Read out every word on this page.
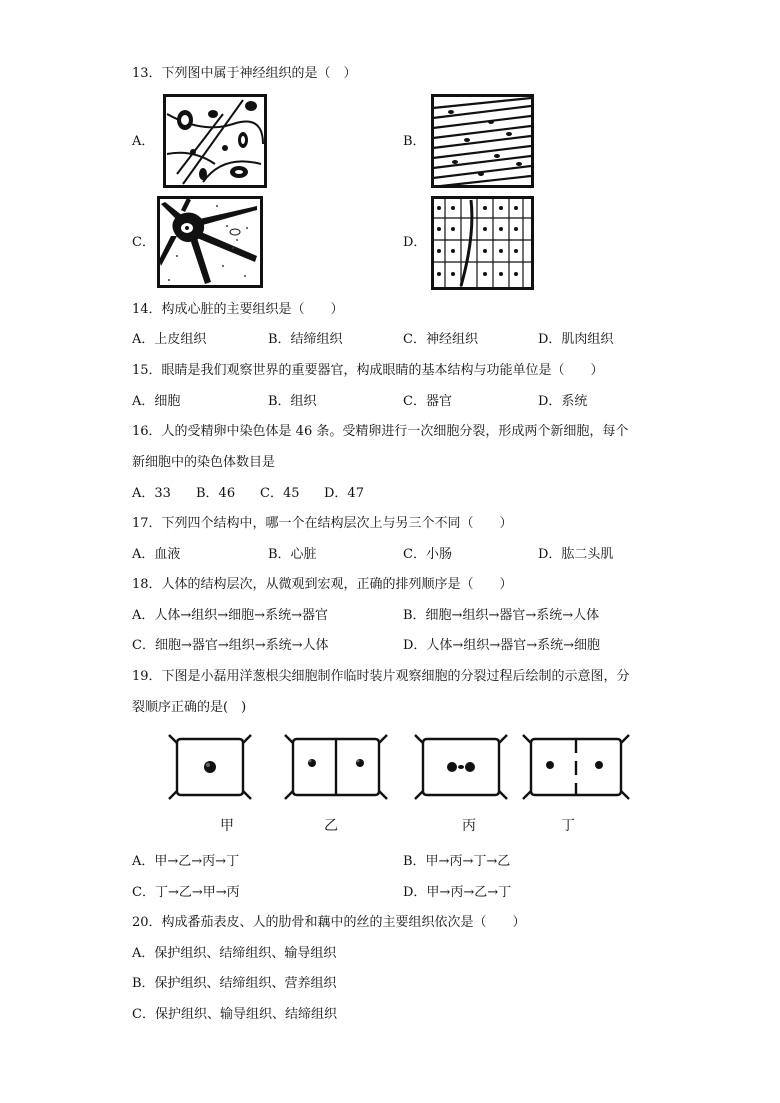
13．下列图中属于神经组织的是（　）
A．	B．
C．	D．
14．构成心脏的主要组织是（　　）
A．上皮组织	B．结缔组织	C．神经组织	D．肌肉组织
15．眼睛是我们观察世界的重要器官，构成眼睛的基本结构与功能单位是（　　）
A．细胞	B．组织	C．器官	D．系统
16．人的受精卵中染色体是 46 条。受精卵进行一次细胞分裂，形成两个新细胞，每个
新细胞中的染色体数目是
A．33 B．46 C．45 D．47
17．下列四个结构中，哪一个在结构层次上与另三个不同（　　）
A．血液	B．心脏	C．小肠	D．肱二头肌
18．人体的结构层次，从微观到宏观，正确的排列顺序是（　　）
A．人体→组织→细胞→系统→器官	B．细胞→组织→器官→系统→人体
C．细胞→器官→组织→系统→人体	D．人体→组织→器官→系统→细胞
19．下图是小磊用洋葱根尖细胞制作临时装片观察细胞的分裂过程后绘制的示意图，分
裂顺序正确的是(　)
甲	乙	丙	丁
A．甲→乙→丙→丁	B．甲→丙→丁→乙
C．丁→乙→甲→丙	D．甲→丙→乙→丁
20．构成番茄表皮、人的肋骨和藕中的丝的主要组织依次是（　　）
A．保护组织、结缔组织、输导组织
B．保护组织、结缔组织、营养组织
C．保护组织、输导组织、结缔组织
